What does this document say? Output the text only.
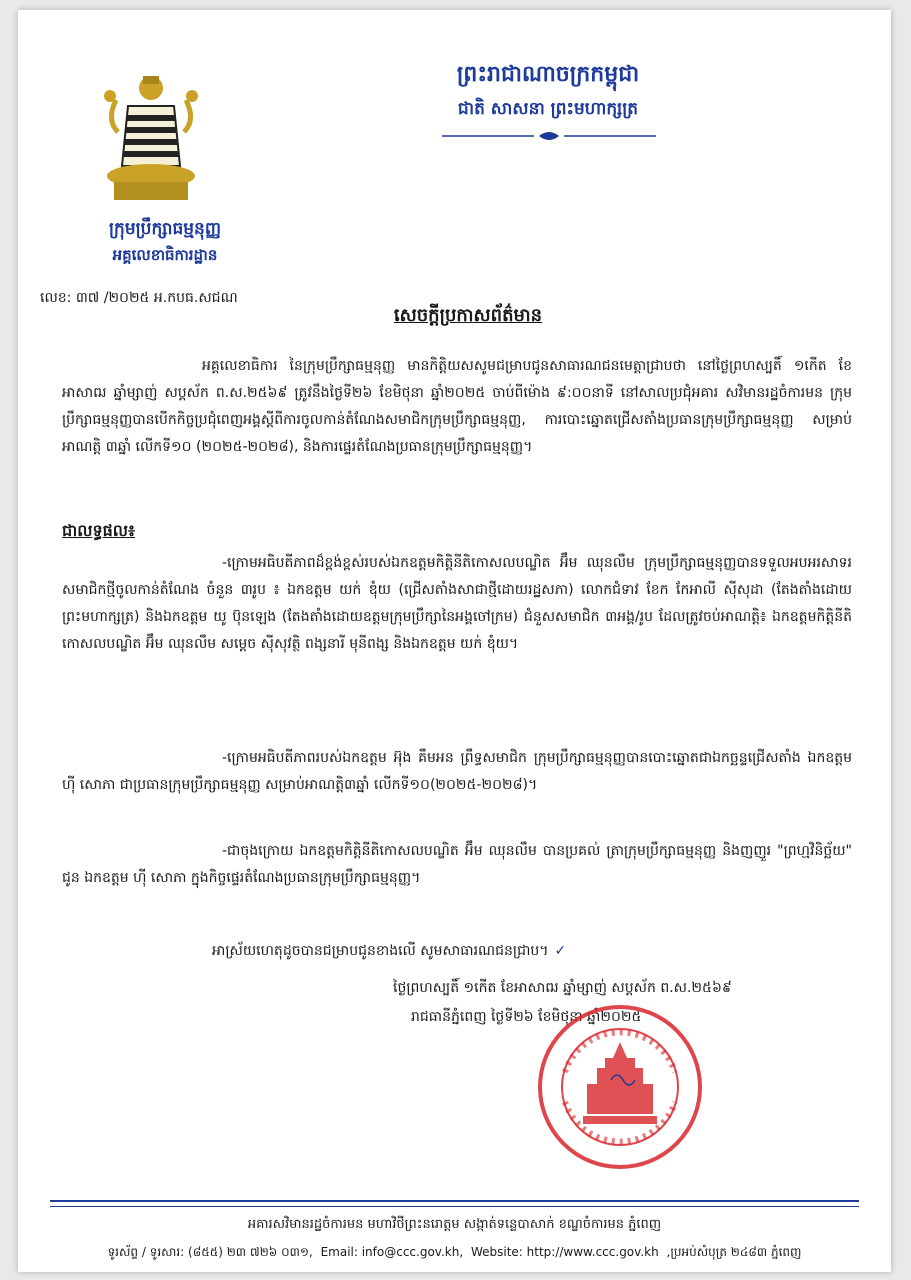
ក្រុមប្រឹក្សាធម្មនុញ្ញ
អគ្គលេខាធិការដ្ឋាន
លេខ: ៣៧ /២០២៥ អ.កបធ.សជណ
ព្រះរាជាណាចក្រកម្ពុជា
ជាតិ សាសនា ព្រះមហាក្សត្រ
សេចក្តីប្រកាសព័ត៌មាន
អគ្គលេខាធិការ នៃក្រុមប្រឹក្សាធម្មនុញ្ញ មានកិត្តិយសសូមជម្រាបជូនសាធារណជនមេត្តាជ្រាបថា នៅថ្ងៃព្រហស្បតិ៍ ១កើត ខែអាសាឍ ឆ្នាំម្សាញ់ សប្តស័ក ព.ស.២៥៦៩ ត្រូវនឹងថ្ងៃទី២៦ ខែមិថុនា ឆ្នាំ២០២៥ ចាប់ពីម៉ោង ៩:០០នាទី នៅសាលប្រជុំអគារ សវិមានរដ្ឋចំការមន ក្រុមប្រឹក្សាធម្មនុញ្ញបានបើកកិច្ចប្រជុំពេញអង្គស្តីពីការចូលកាន់តំណែងសមាជិកក្រុមប្រឹក្សាធម្មនុញ្ញ, ការបោះឆ្នោតជ្រើសតាំងប្រធានក្រុមប្រឹក្សាធម្មនុញ្ញ សម្រាប់អាណត្តិ ៣ឆ្នាំ លើកទី១០ (២០២៥-២០២៨), និងការផ្ទេរតំណែងប្រធានក្រុមប្រឹក្សាធម្មនុញ្ញ។
ជាលទ្ធផល៖
-ក្រោមអធិបតីភាពដ៏ខ្ពង់ខ្ពស់របស់ឯកឧត្តមកិត្តិនីតិកោសលបណ្ឌិត អ៊ឹម ឈុនលឹម ក្រុមប្រឹក្សាធម្មនុញ្ញបានទទួលអបអរសាទរសមាជិកថ្មីចូលកាន់តំណែង ចំនួន ៣រូប ៖ ឯកឧត្តម យក់ ឌុំយ (ជ្រើសតាំងសាជាថ្មីដោយរដ្ឋសភា) លោកជំទាវ ខែក កែអាលី ស៊ីសុដា (តែងតាំងដោយព្រះមហាក្សត្រ) និងឯកឧត្តម យូ ប៊ុនឡេង (តែងតាំងដោយឧត្តមក្រុមប្រឹក្សានៃអង្គចៅក្រម) ជំនួសសមាជិក ៣អង្គ/រូប ដែលត្រូវចប់អាណត្តិ៖ ឯកឧត្តមកិត្តិនីតិកោសលបណ្ឌិត អ៊ឹម ឈុនលឹម សម្តេច ស៊ីសុវត្ថិ ពង្សនារី មុនីពង្ស និងឯកឧត្តម យក់ ឌុំយ។
-ក្រោមអធិបតីភាពរបស់ឯកឧត្តម អ៊ុង គឹមអន ព្រឹទ្ធសមាជិក ក្រុមប្រឹក្សាធម្មនុញ្ញបានបោះឆ្នោតជាឯកច្ឆន្ទជ្រើសតាំង ឯកឧត្តម ហ៊ី សោភា ជាប្រធានក្រុមប្រឹក្សាធម្មនុញ្ញ សម្រាប់អាណត្តិ៣ឆ្នាំ លើកទី១០(២០២៥-២០២៨)។
-ជាចុងក្រោយ ឯកឧត្តមកិត្តិនីតិកោសលបណ្ឌិត អ៊ឹម ឈុនលឹម បានប្រគល់ ត្រាក្រុមប្រឹក្សាធម្មនុញ្ញ និងញញួរ "ព្រហ្មវិនិច្ឆ័យ" ជូន ឯកឧត្តម ហ៊ី សោភា ក្នុងកិច្ចផ្ទេរតំណែងប្រធានក្រុមប្រឹក្សាធម្មនុញ្ញ។
អាស្រ័យហេតុដូចបានជម្រាបជូនខាងលើ សូមសាធារណជនជ្រាប។ ✓
ថ្ងៃព្រហស្បតិ៍ ១កើត ខែអាសាឍ ឆ្នាំម្សាញ់ សប្តស័ក ព.ស.២៥៦៩
រាជធានីភ្នំពេញ ថ្ងៃទី២៦ ខែមិថុនា ឆ្នាំ២០២៥
អគារសវិមានរដ្ឋចំការមន មហាវិថីព្រះនរោត្តម សង្កាត់ទន្លេបាសាក់ ខណ្ឌចំការមន ភ្នំពេញ
ទូរស័ព្ទ / ទូរសារ: (៨៥៥) ២៣ ៧២៦ ០៣១, Email: info@ccc.gov.kh, Website: http://www.ccc.gov.kh ,ប្រអប់សំបុត្រ ២៤៨៣ ភ្នំពេញ
